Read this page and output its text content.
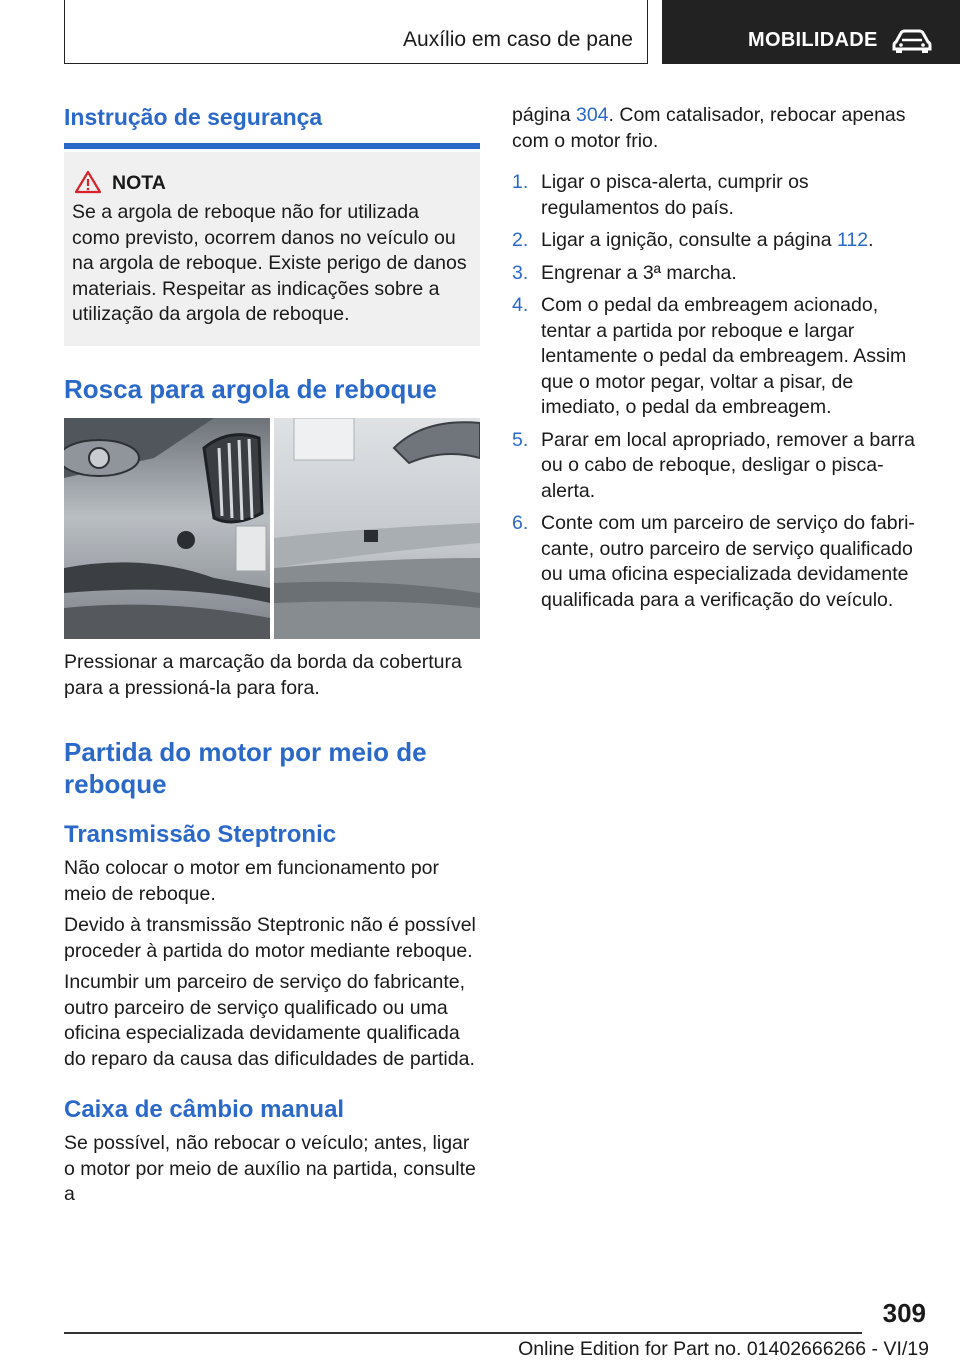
Auxílio em caso de pane	MOBILIDADE
Instrução de segurança
NOTA

Se a argola de reboque não for utilizada como previsto, ocorrem danos no veículo ou na argola de reboque. Existe perigo de danos materiais. Respeitar as indicações sobre a utilização da argola de reboque.

Rosca para argola de reboque

Pressionar a marcação da borda da cobertura para a pressioná-la para fora.

Partida do motor por meio de reboque
Transmissão Steptronic

Não colocar o motor em funcionamento por meio de reboque.

Devido à transmissão Steptronic não é possível proceder à partida do motor mediante reboque.

Incumbir um parceiro de serviço do fabricante, outro parceiro de serviço qualificado ou uma oficina especializada devidamente qualificada do reparo da causa das dificuldades de partida.

Caixa de câmbio manual

Se possível, não rebocar o veículo; antes, ligar o motor por meio de auxílio na partida, consulte a

página 304. Com catalisador, rebocar apenas com o motor frio.

1. Ligar o pisca-alerta, cumprir os regulamentos do país.
2. Ligar a ignição, consulte a página 112.
3. Engrenar a 3ª marcha.
4. Com o pedal da embreagem acionado, tentar a partida por reboque e largar lentamente o pedal da embreagem. Assim que o motor pegar, voltar a pisar, de imediato, o pedal da embreagem.
5. Parar em local apropriado, remover a barra ou o cabo de reboque, desligar o pisca-alerta.
6. Conte com um parceiro de serviço do fabricante, outro parceiro de serviço qualificado ou uma oficina especializada devidamente qualificada para a verificação do veículo.
309
Online Edition for Part no. 01402666266 - VI/19
